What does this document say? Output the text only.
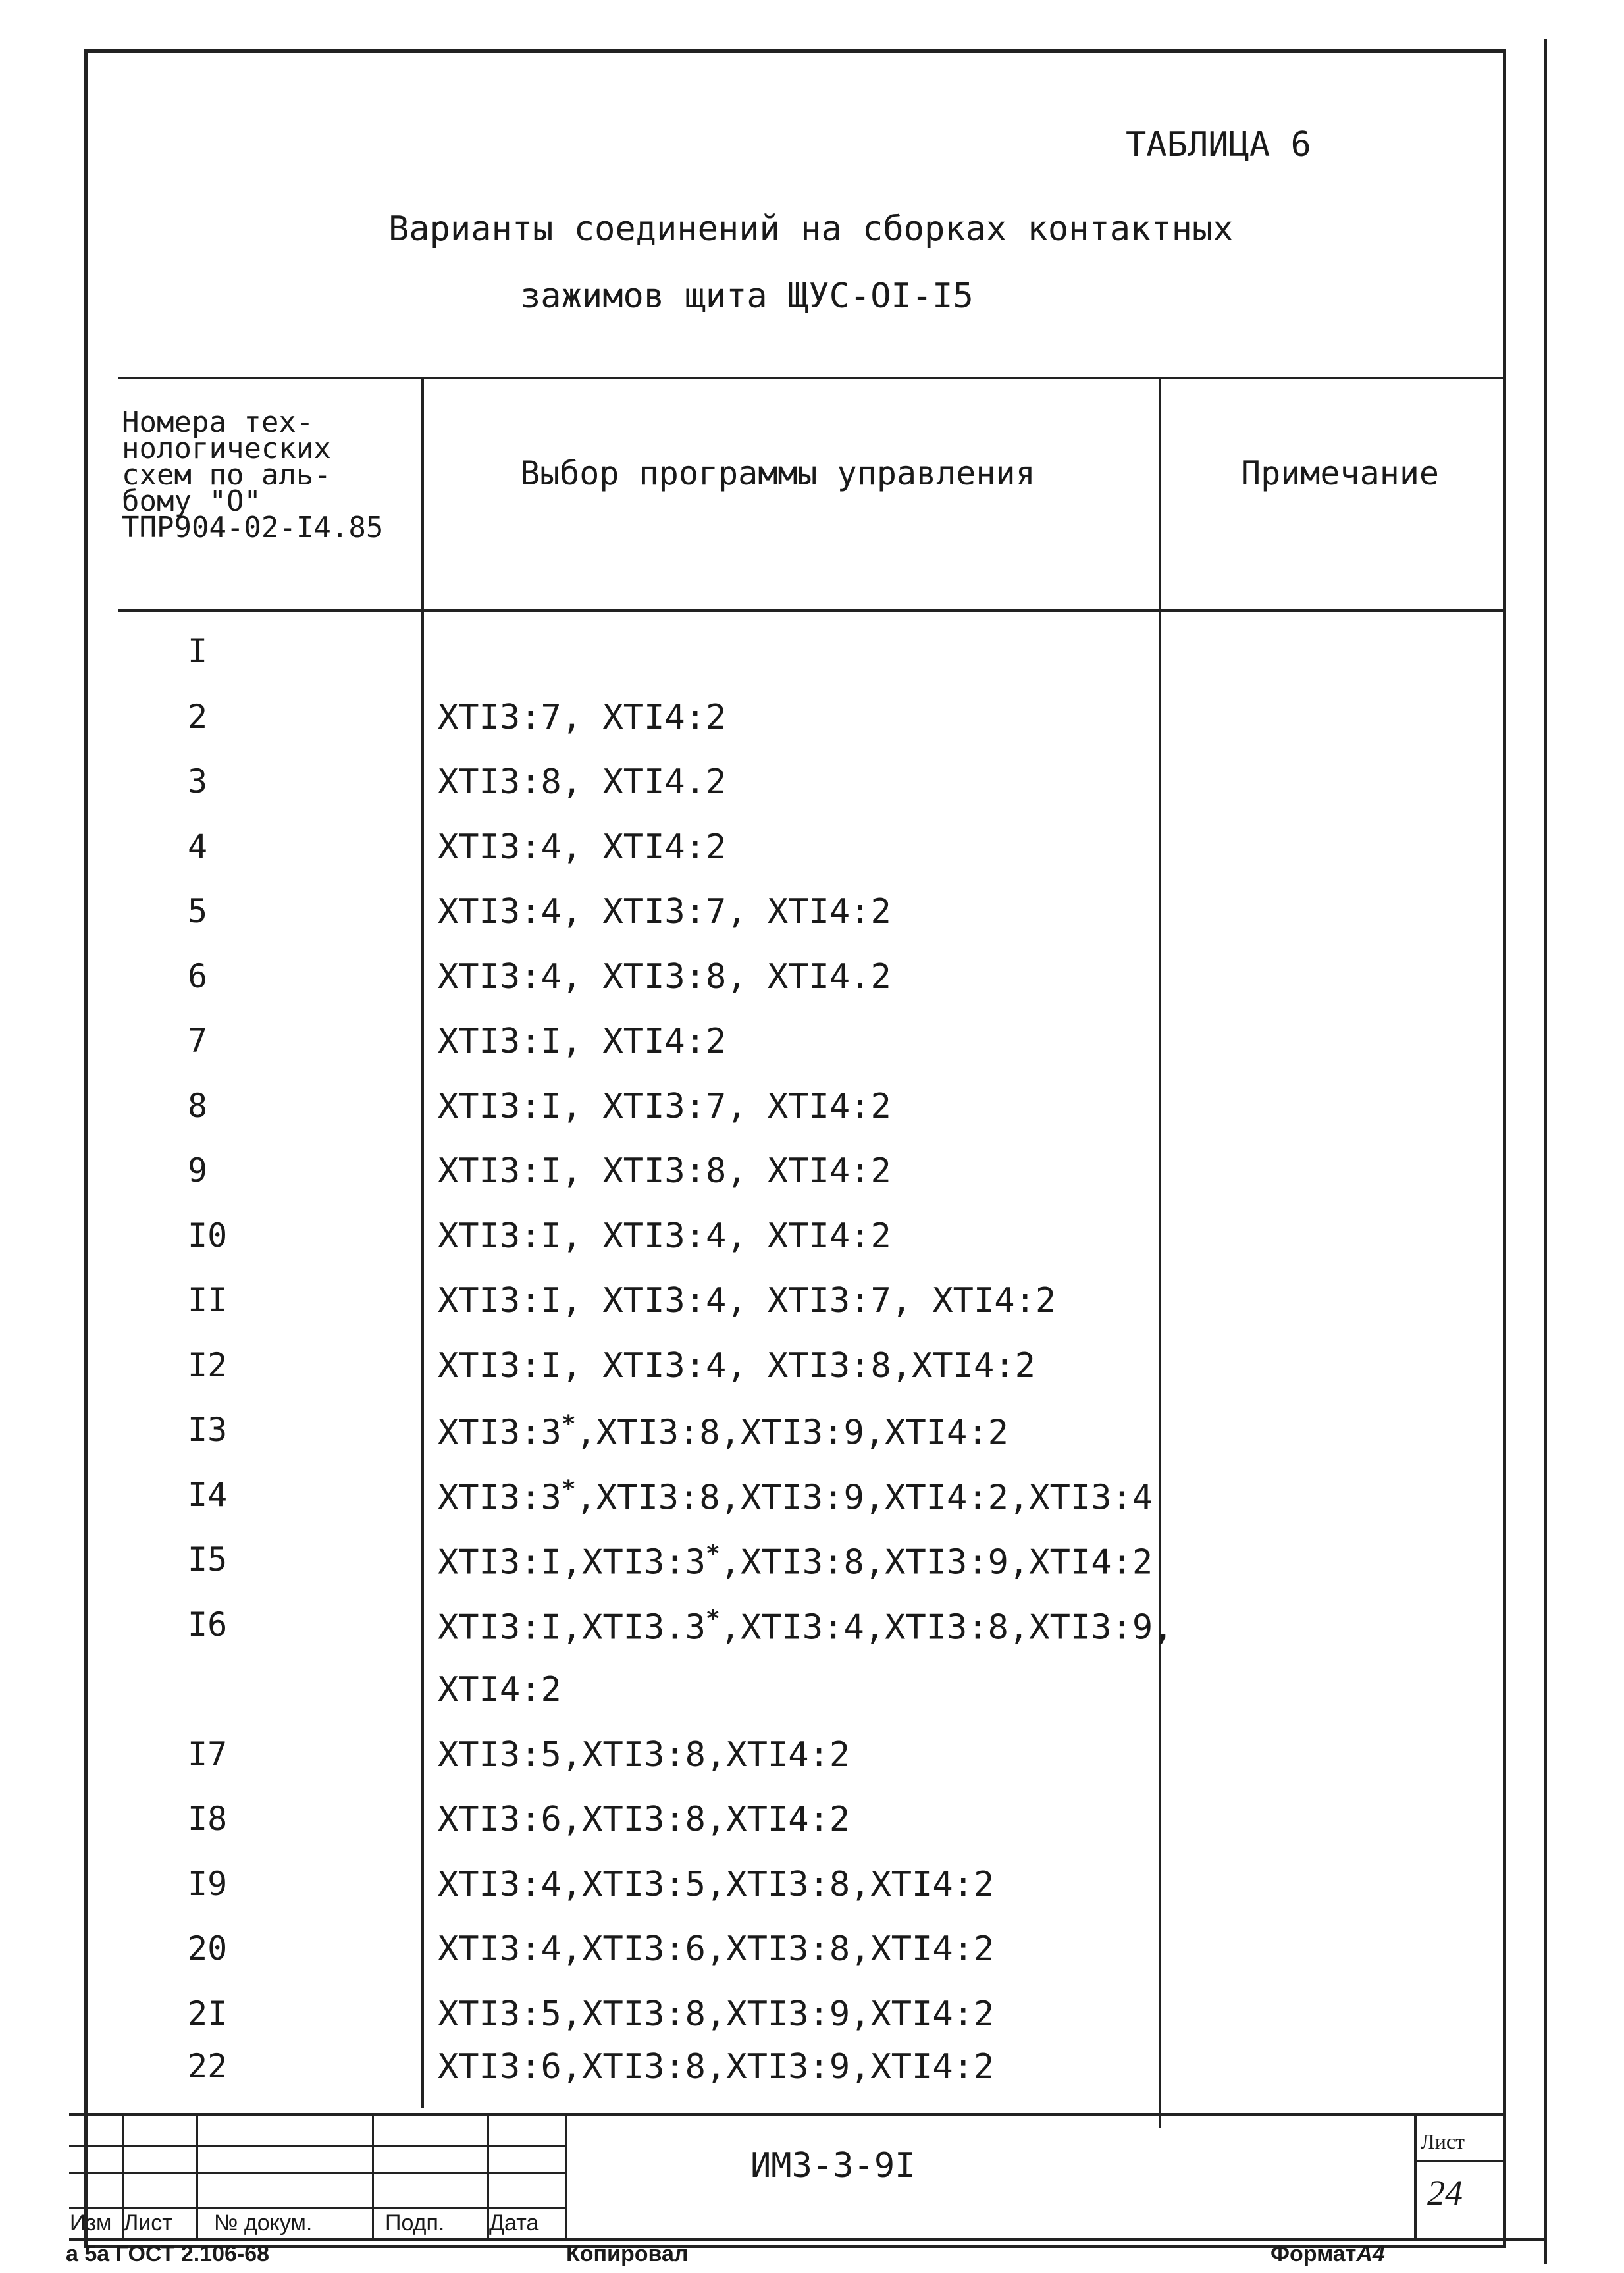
ТАБЛИЦА 6
Варианты соединений на сборках контактных
зажимов щита ЩУС-OI-I5
Номера тех-
нологических
схем по аль-
бому "О"
ТПР904-02-I4.85
Выбор программы управления	Примечание
I
2	XTI3:7, XTI4:2
3	XTI3:8, XTI4.2
4	XTI3:4, XTI4:2
5	XTI3:4, XTI3:7, XTI4:2
6	XTI3:4, XTI3:8, XTI4.2
7	XTI3:I, XTI4:2
8	XTI3:I, XTI3:7, XTI4:2
9	XTI3:I, XTI3:8, XTI4:2
I0	XTI3:I, XTI3:4, XTI4:2
II	XTI3:I, XTI3:4, XTI3:7, XTI4:2
I2	XTI3:I, XTI3:4, XTI3:8,XTI4:2
I3	XTI3:3*,XTI3:8,XTI3:9,XTI4:2
I4	XTI3:3*,XTI3:8,XTI3:9,XTI4:2,XTI3:4
I5	XTI3:I,XTI3:3*,XTI3:8,XTI3:9,XTI4:2
I6	XTI3:I,XTI3.3*,XTI3:4,XTI3:8,XTI3:9,
XTI4:2
I7	XTI3:5,XTI3:8,XTI4:2
I8	XTI3:6,XTI3:8,XTI4:2
I9	XTI3:4,XTI3:5,XTI3:8,XTI4:2
20	XTI3:4,XTI3:6,XTI3:8,XTI4:2
2I	XTI3:5,XTI3:8,XTI3:9,XTI4:2
22	XTI3:6,XTI3:8,XTI3:9,XTI4:2
Изм Лист № докум.	Подп. Дата
ИМЗ-3-9I
Лист
24
а 5а ГОСТ 2.106-68	Копировал	ФорматА4
